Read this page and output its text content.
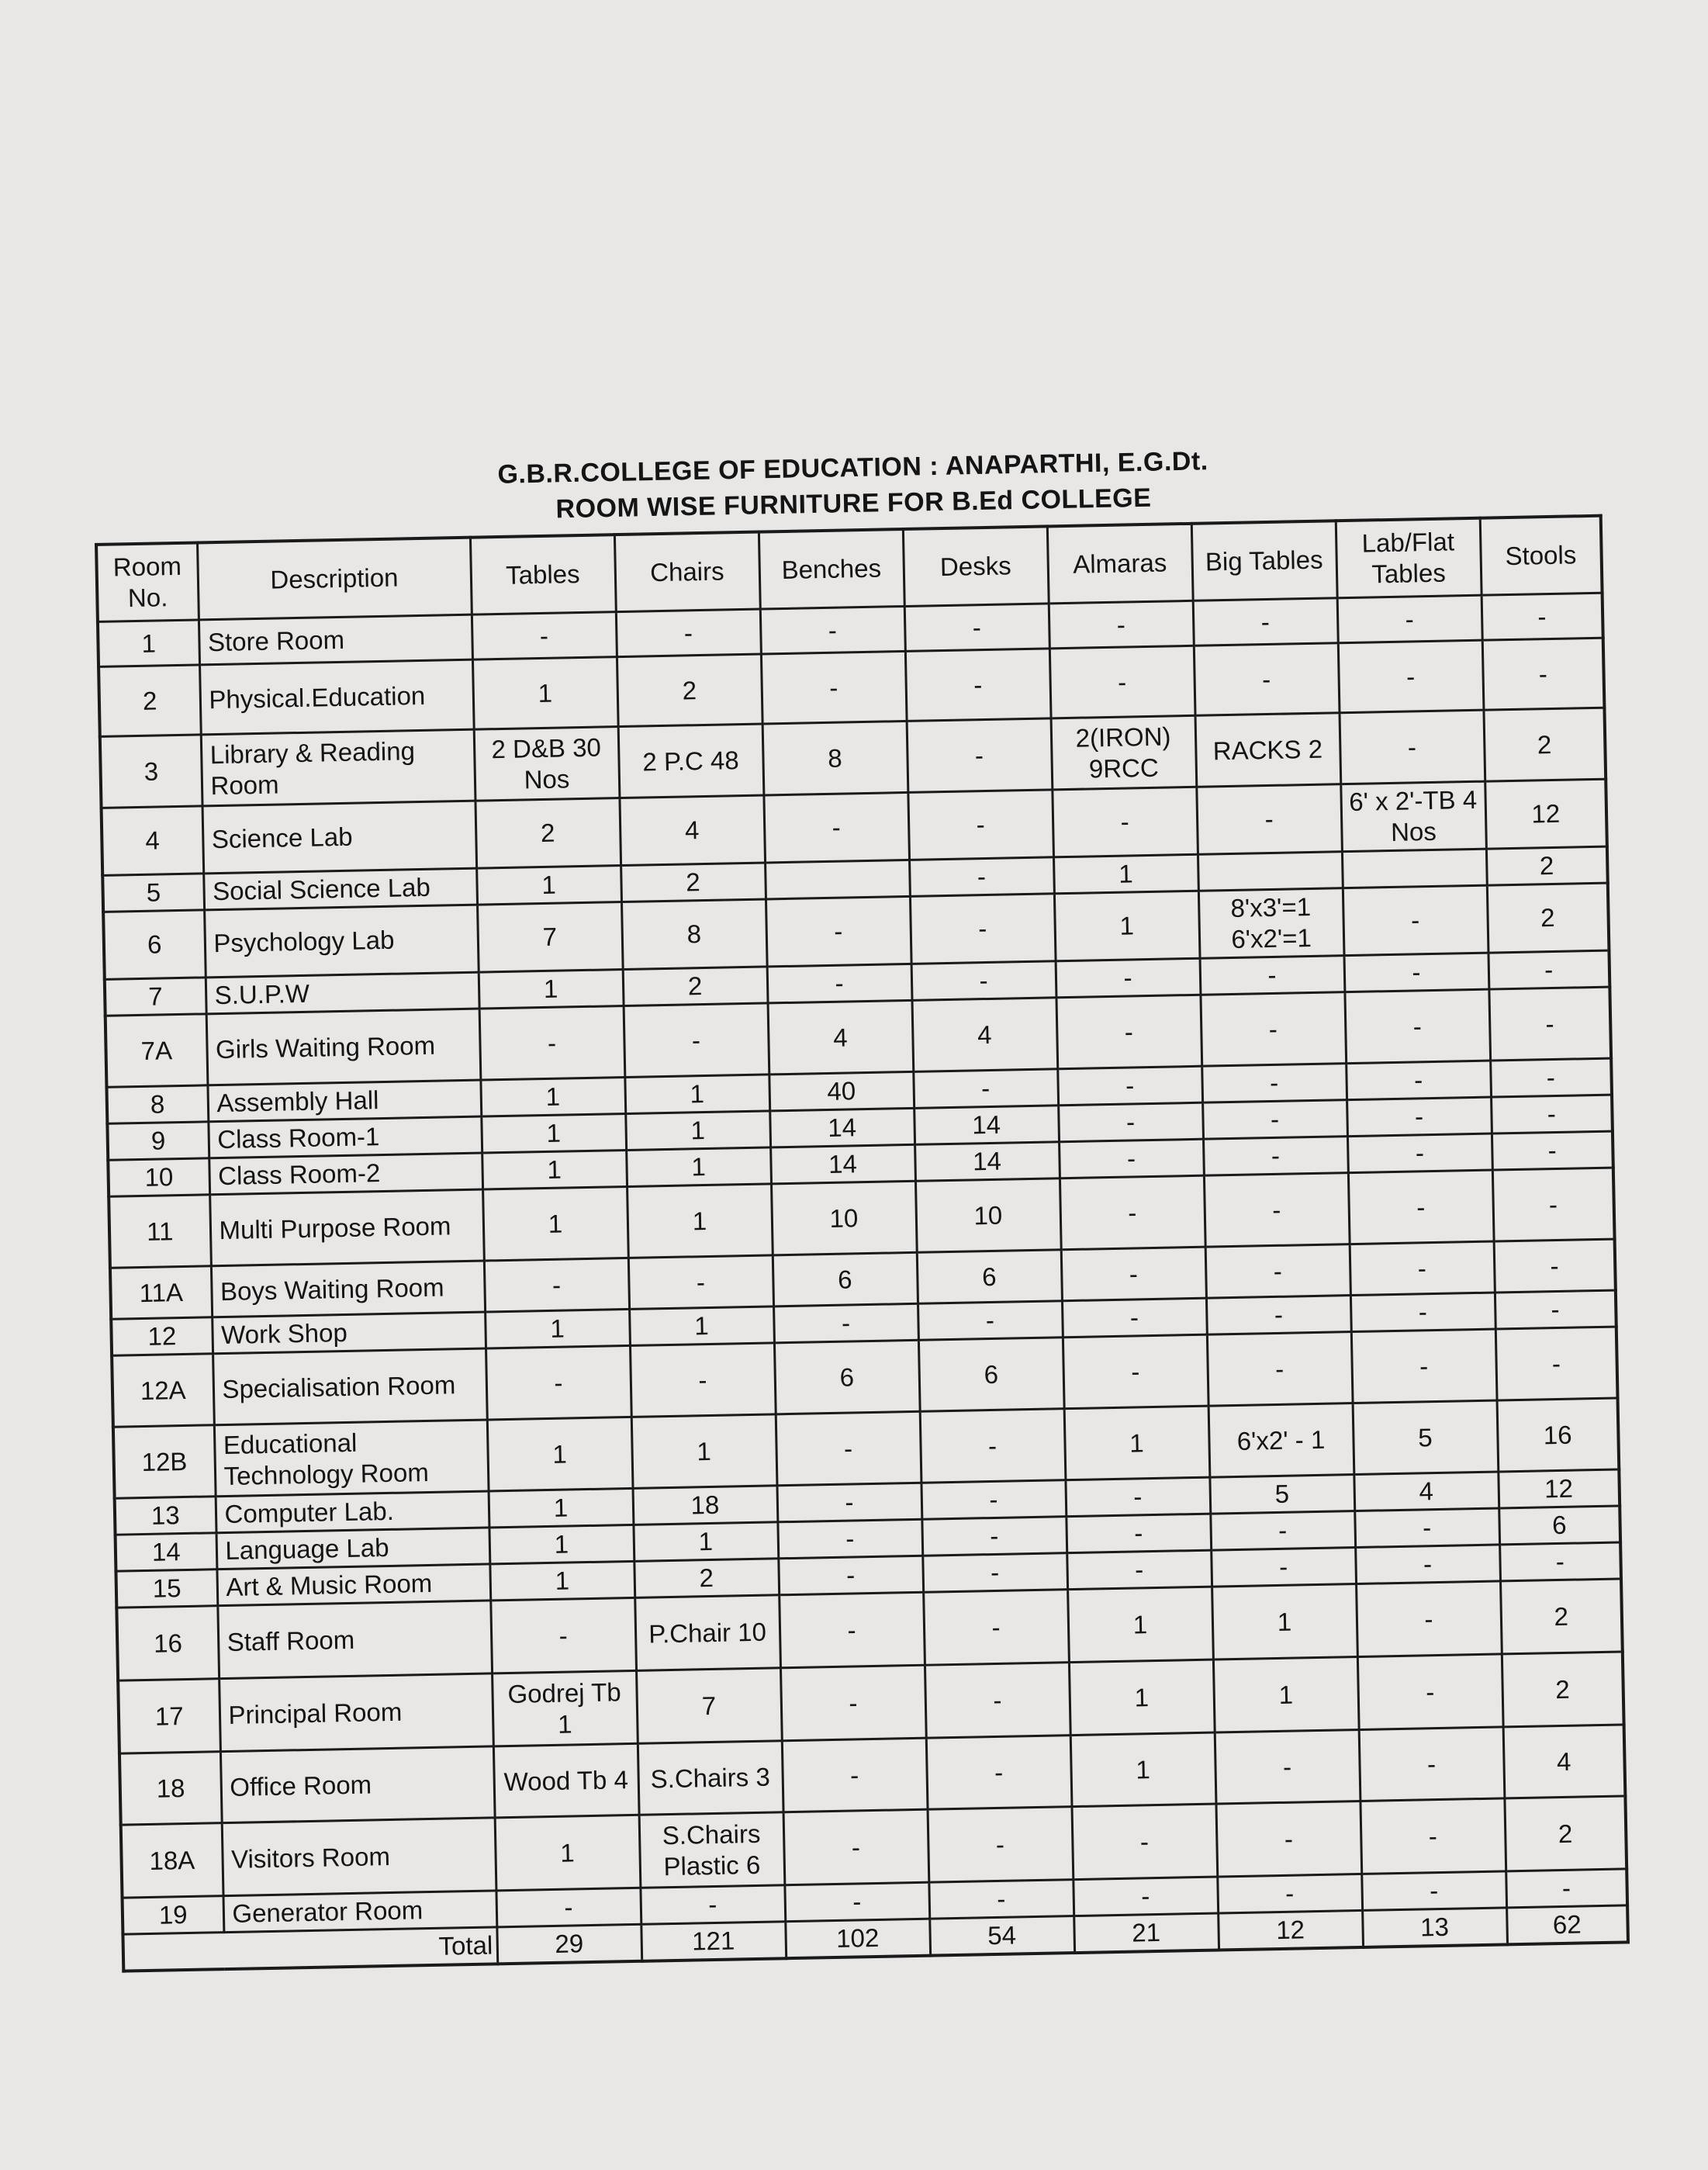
G.B.R.COLLEGE OF EDUCATION : ANAPARTHI, E.G.Dt.
ROOM WISE FURNITURE FOR B.Ed COLLEGE
Room No.	Description	Tables	Chairs	Benches	Desks	Almaras	Big Tables	Lab/Flat Tables	Stools
1	Store Room	-	-	-	-	-	-	-	-
2	Physical.Education	1	2	-	-	-	-	-	-
3	Library & Reading Room	2 D&B 30 Nos	2 P.C 48	8	-	2(IRON) 9RCC	RACKS 2	-	2
4	Science Lab	2	4	-	-	-	-	6' x 2'-TB 4 Nos	12
5	Social Science Lab	1	2		-	1			2
6	Psychology Lab	7	8	-	-	1	8'x3'=1 6'x2'=1	-	2
7	S.U.P.W	1	2	-	-	-	-	-	-
7A	Girls Waiting Room	-	-	4	4	-	-	-	-
8	Assembly Hall	1	1	40	-	-	-	-	-
9	Class Room-1	1	1	14	14	-	-	-	-
10	Class Room-2	1	1	14	14	-	-	-	-
11	Multi Purpose Room	1	1	10	10	-	-	-	-
11A	Boys Waiting Room	-	-	6	6	-	-	-	-
12	Work Shop	1	1	-	-	-	-	-	-
12A	Specialisation Room	-	-	6	6	-	-	-	-
12B	Educational Technology Room	1	1	-	-	1	6'x2' - 1	5	16
13	Computer Lab.	1	18	-	-	-	5	4	12
14	Language Lab	1	1	-	-	-	-	-	6
15	Art & Music Room	1	2	-	-	-	-	-	-
16	Staff Room	-	P.Chair 10	-	-	1	1	-	2
17	Principal Room	Godrej Tb 1	7	-	-	1	1	-	2
18	Office Room	Wood Tb 4	S.Chairs 3	-	-	1	-	-	4
18A	Visitors Room	1	S.Chairs Plastic 6	-	-	-	-	-	2
19	Generator Room	-	-	-	-	-	-	-	-
Total		29	121	102	54	21	12	13	62
